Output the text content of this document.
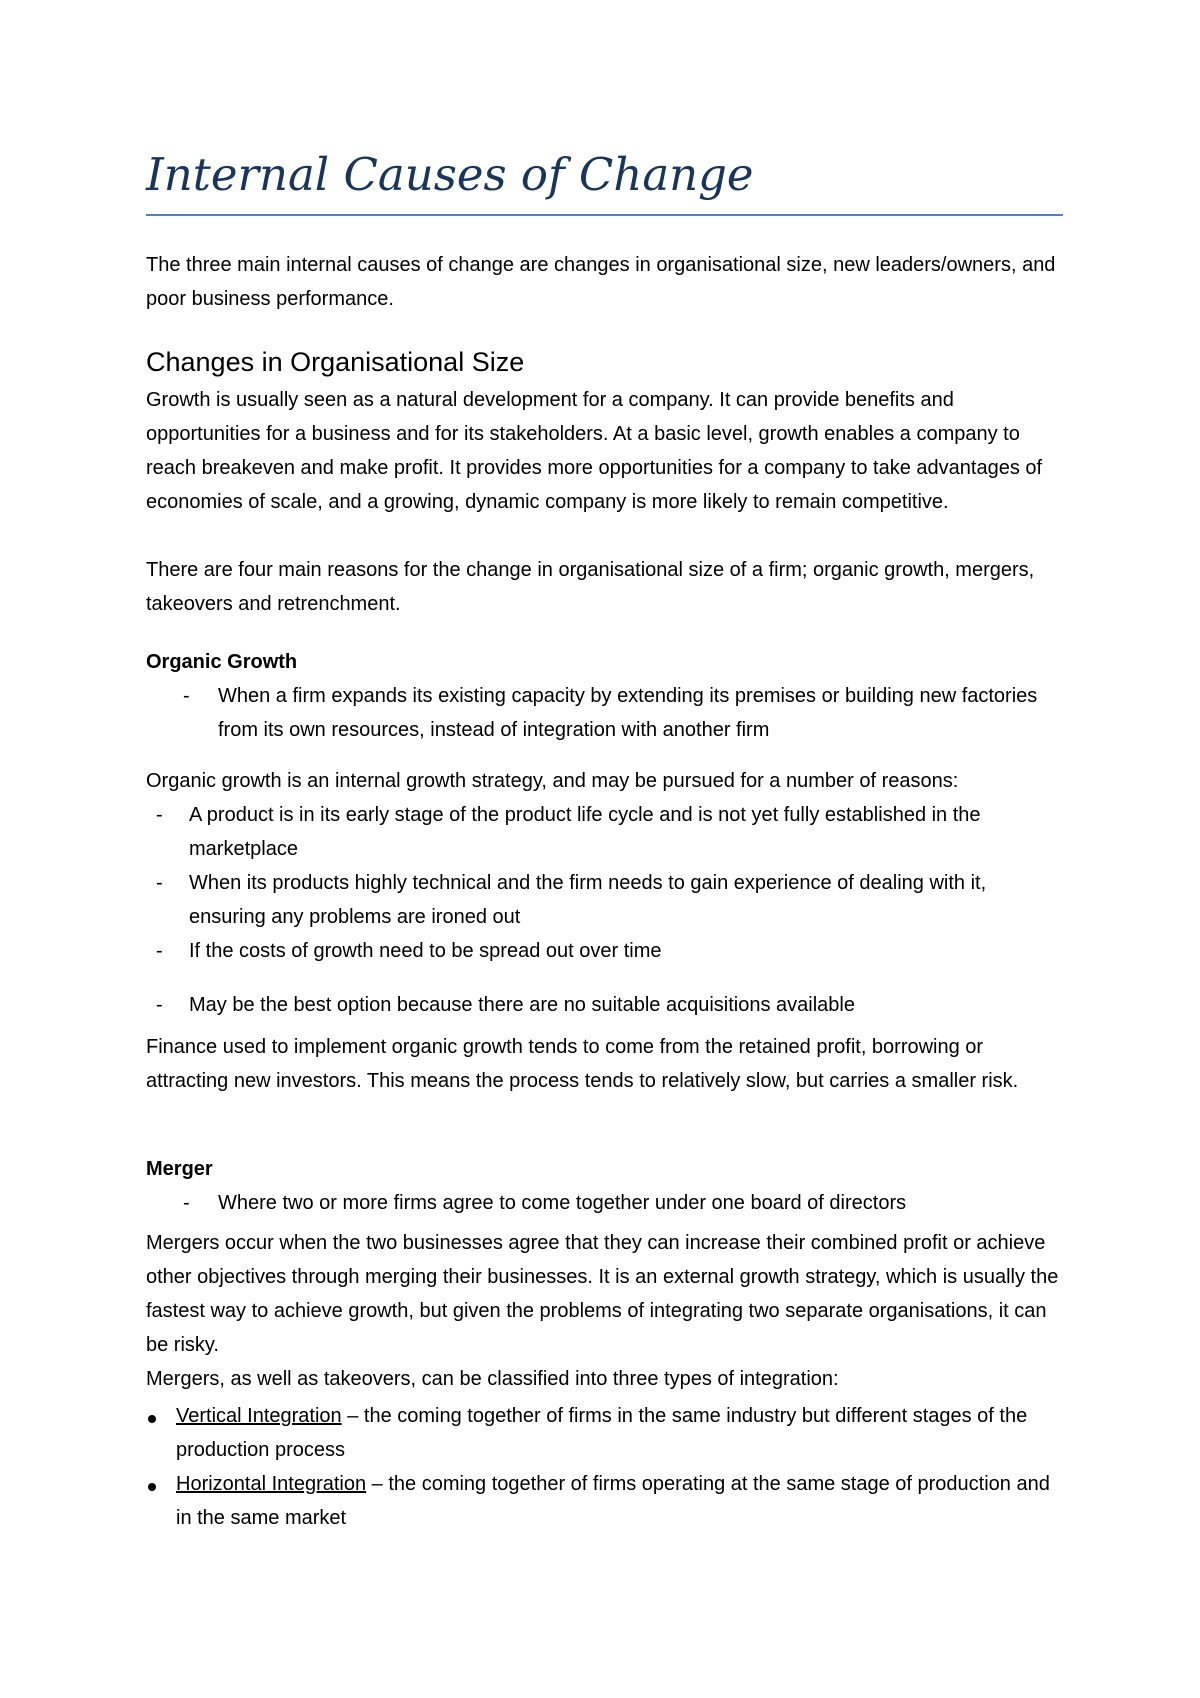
Internal Causes of Change

The three main internal causes of change are changes in organisational size, new leaders/owners, and poor business performance.

Changes in Organisational Size

Growth is usually seen as a natural development for a company. It can provide benefits and opportunities for a business and for its stakeholders. At a basic level, growth enables a company to reach breakeven and make profit. It provides more opportunities for a company to take advantages of economies of scale, and a growing, dynamic company is more likely to remain competitive.

There are four main reasons for the change in organisational size of a firm; organic growth, mergers, takeovers and retrenchment.

Organic Growth
- When a firm expands its existing capacity by extending its premises or building new factories from its own resources, instead of integration with another firm

Organic growth is an internal growth strategy, and may be pursued for a number of reasons:

- A product is in its early stage of the product life cycle and is not yet fully established in the marketplace

- When its products highly technical and the firm needs to gain experience of dealing with it, ensuring any problems are ironed out

- If the costs of growth need to be spread out over time

- May be the best option because there are no suitable acquisitions available

Finance used to implement organic growth tends to come from the retained profit, borrowing or attracting new investors. This means the process tends to relatively slow, but carries a smaller risk.

Merger
- Where two or more firms agree to come together under one board of directors

Mergers occur when the two businesses agree that they can increase their combined profit or achieve other objectives through merging their businesses. It is an external growth strategy, which is usually the fastest way to achieve growth, but given the problems of integrating two separate organisations, it can be risky.

Mergers, as well as takeovers, can be classified into three types of integration:

Vertical Integration – the coming together of firms in the same industry but different stages of the production process

Horizontal Integration – the coming together of firms operating at the same stage of production and in the same market
